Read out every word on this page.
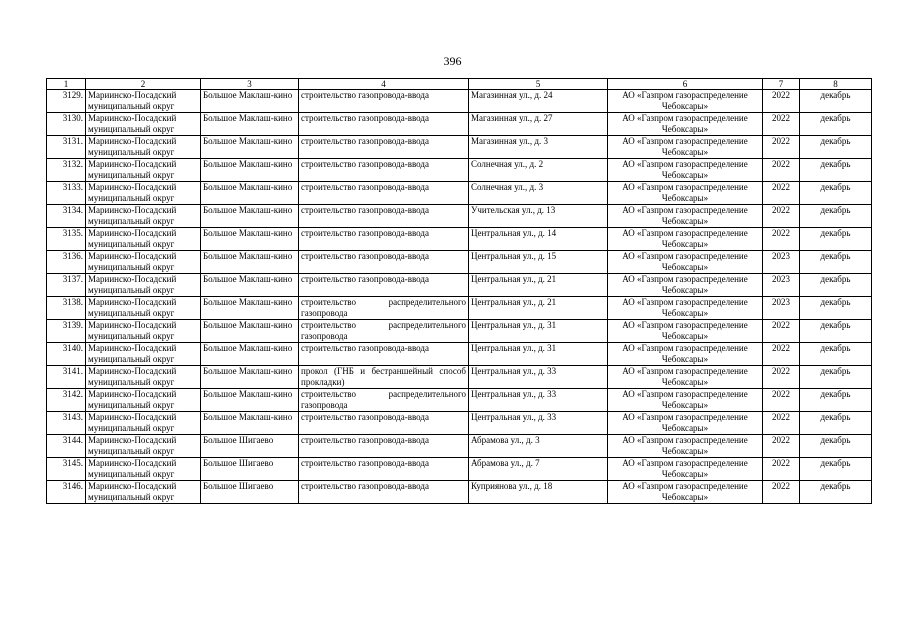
396
1	2	3	4	5	6	7	8
3129.	Мариинско-Посадский муниципальный округ	Большое Маклаш-кино	строительство газопровода-ввода	Магазинная ул., д. 24	АО «Газпром газораспределение Чебоксары»	2022	декабрь
3130.	Мариинско-Посадский муниципальный округ	Большое Маклаш-кино	строительство газопровода-ввода	Магазинная ул., д. 27	АО «Газпром газораспределение Чебоксары»	2022	декабрь
3131.	Мариинско-Посадский муниципальный округ	Большое Маклаш-кино	строительство газопровода-ввода	Магазинная ул., д. 3	АО «Газпром газораспределение Чебоксары»	2022	декабрь
3132.	Мариинско-Посадский муниципальный округ	Большое Маклаш-кино	строительство газопровода-ввода	Солнечная ул., д. 2	АО «Газпром газораспределение Чебоксары»	2022	декабрь
3133.	Мариинско-Посадский муниципальный округ	Большое Маклаш-кино	строительство газопровода-ввода	Солнечная ул., д. 3	АО «Газпром газораспределение Чебоксары»	2022	декабрь
3134.	Мариинско-Посадский муниципальный округ	Большое Маклаш-кино	строительство газопровода-ввода	Учительская ул., д. 13	АО «Газпром газораспределение Чебоксары»	2022	декабрь
3135.	Мариинско-Посадский муниципальный округ	Большое Маклаш-кино	строительство газопровода-ввода	Центральная ул., д. 14	АО «Газпром газораспределение Чебоксары»	2022	декабрь
3136.	Мариинско-Посадский муниципальный округ	Большое Маклаш-кино	строительство газопровода-ввода	Центральная ул., д. 15	АО «Газпром газораспределение Чебоксары»	2023	декабрь
3137.	Мариинско-Посадский муниципальный округ	Большое Маклаш-кино	строительство газопровода-ввода	Центральная ул., д. 21	АО «Газпром газораспределение Чебоксары»	2023	декабрь
3138.	Мариинско-Посадский муниципальный округ	Большое Маклаш-кино	строительство распределительного газопровода	Центральная ул., д. 21	АО «Газпром газораспределение Чебоксары»	2023	декабрь
3139.	Мариинско-Посадский муниципальный округ	Большое Маклаш-кино	строительство распределительного газопровода	Центральная ул., д. 31	АО «Газпром газораспределение Чебоксары»	2022	декабрь
3140.	Мариинско-Посадский муниципальный округ	Большое Маклаш-кино	строительство газопровода-ввода	Центральная ул., д. 31	АО «Газпром газораспределение Чебоксары»	2022	декабрь
3141.	Мариинско-Посадский муниципальный округ	Большое Маклаш-кино	прокол (ГНБ и бестраншейный способ прокладки)	Центральная ул., д. 33	АО «Газпром газораспределение Чебоксары»	2022	декабрь
3142.	Мариинско-Посадский муниципальный округ	Большое Маклаш-кино	строительство распределительного газопровода	Центральная ул., д. 33	АО «Газпром газораспределение Чебоксары»	2022	декабрь
3143.	Мариинско-Посадский муниципальный округ	Большое Маклаш-кино	строительство газопровода-ввода	Центральная ул., д. 33	АО «Газпром газораспределение Чебоксары»	2022	декабрь
3144.	Мариинско-Посадский муниципальный округ	Большое Шигаево	строительство газопровода-ввода	Абрамова ул., д. 3	АО «Газпром газораспределение Чебоксары»	2022	декабрь
3145.	Мариинско-Посадский муниципальный округ	Большое Шигаево	строительство газопровода-ввода	Абрамова ул., д. 7	АО «Газпром газораспределение Чебоксары»	2022	декабрь
3146.	Мариинско-Посадский муниципальный округ	Большое Шигаево	строительство газопровода-ввода	Куприянова ул., д. 18	АО «Газпром газораспределение Чебоксары»	2022	декабрь
